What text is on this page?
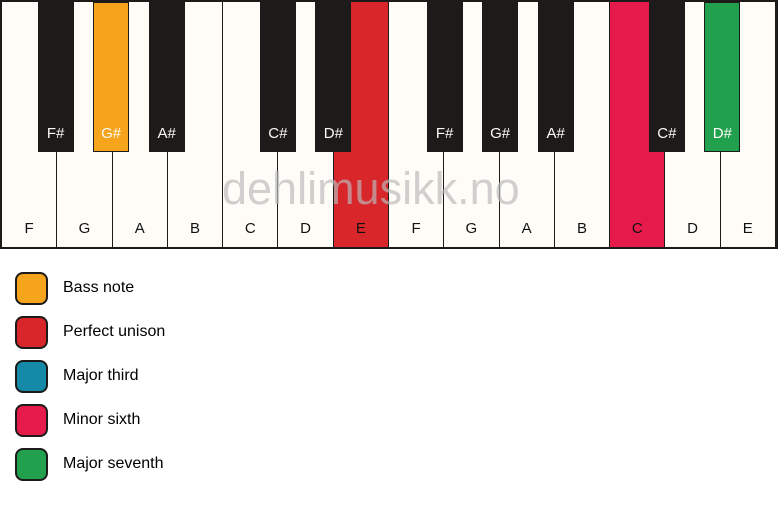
F	G	A	B	C	D	E	F	G	A	B	C	D	E
F#	G#	A#	C#	D#	F#	G#	A#	C#	D#
dehlimusikk.no
Bass note
Perfect unison
Major third
Minor sixth
Major seventh
